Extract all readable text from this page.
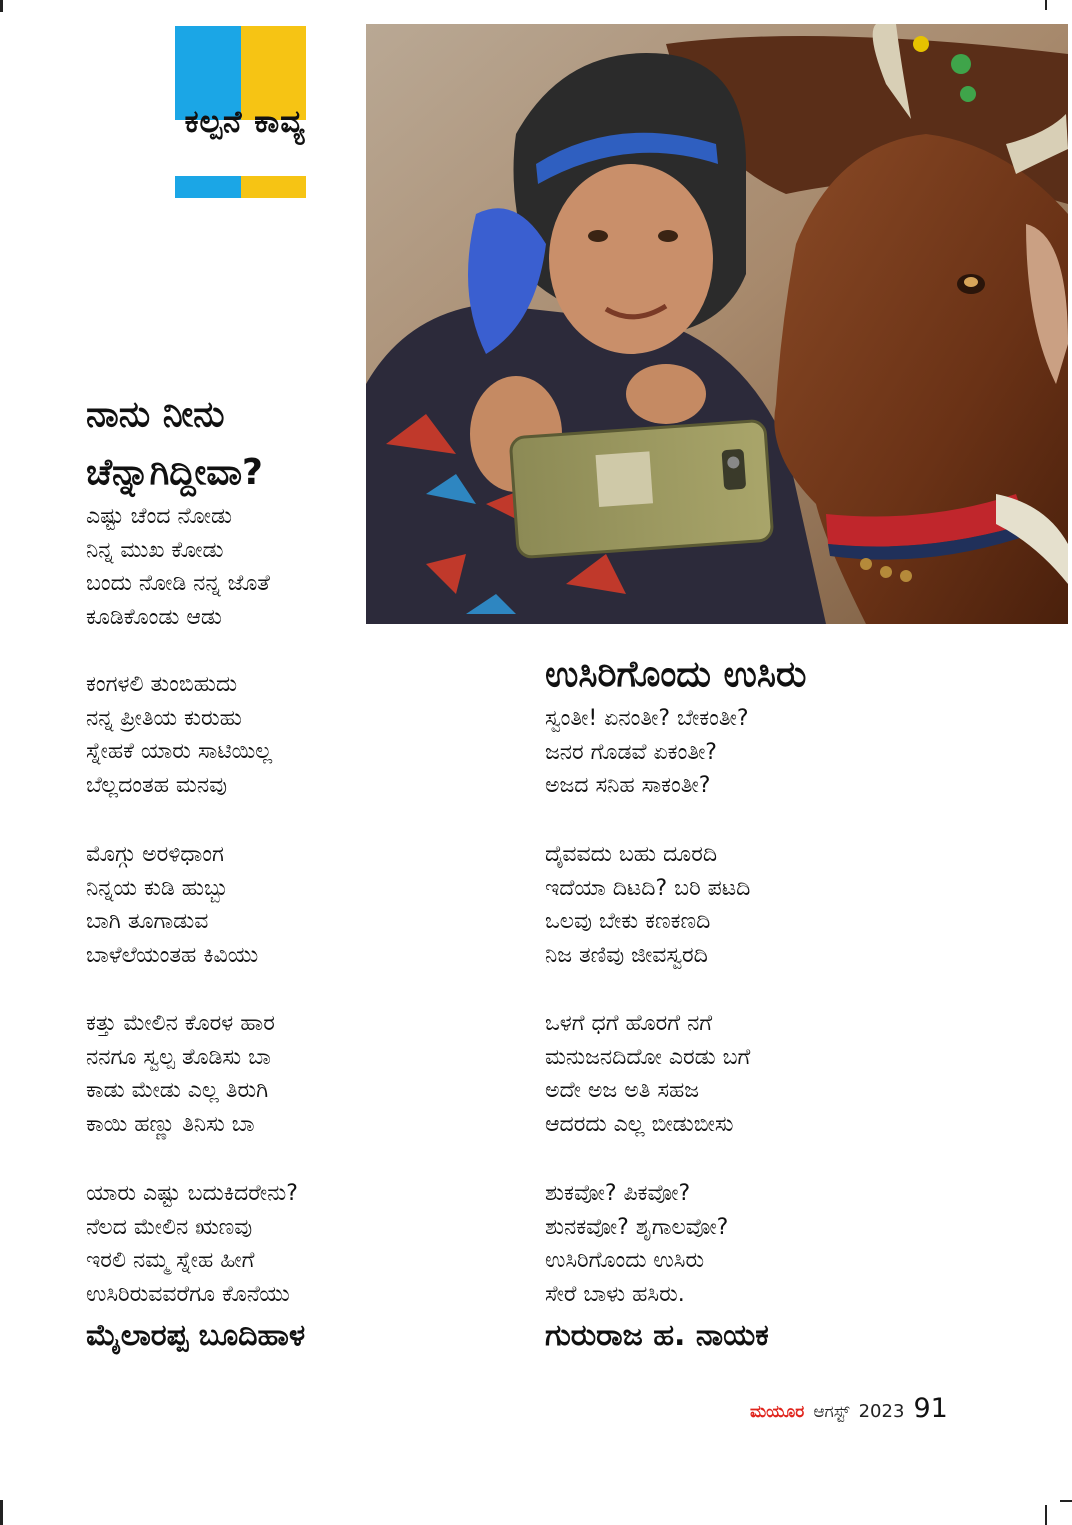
ಕಲ್ಪನೆ ಕಾವ್ಯ
ನಾನು ನೀನು
ಚೆನ್ನಾಗಿದ್ದೀವಾ?
ಎಷ್ಟು ಚೆಂದ ನೋಡು
ನಿನ್ನ ಮುಖ ಕೋಡು
ಬಂದು ನೋಡಿ ನನ್ನ ಜೊತೆ
ಕೂಡಿಕೊಂಡು ಆಡು
ಕಂಗಳಲಿ ತುಂಬಿಹುದು
ನನ್ನ ಪ್ರೀತಿಯ ಕುರುಹು
ಸ್ನೇಹಕೆ ಯಾರು ಸಾಟಿಯಿಲ್ಲ
ಬೆಲ್ಲದಂತಹ ಮನವು
ಮೊಗ್ಗು ಅರಳಿಧಾಂಗ
ನಿನ್ನಯ ಕುಡಿ ಹುಬ್ಬು
ಬಾಗಿ ತೂಗಾಡುವ
ಬಾಳೆಲೆಯಂತಹ ಕಿವಿಯು
ಕತ್ತು ಮೇಲಿನ ಕೊರಳ ಹಾರ
ನನಗೂ ಸ್ವಲ್ಪ ತೊಡಿಸು ಬಾ
ಕಾಡು ಮೇಡು ಎಲ್ಲ ತಿರುಗಿ
ಕಾಯಿ ಹಣ್ಣು ತಿನಿಸು ಬಾ
ಯಾರು ಎಷ್ಟು ಬದುಕಿದರೇನು?
ನೆಲದ ಮೇಲಿನ ಋಣವು
ಇರಲಿ ನಮ್ಮ ಸ್ನೇಹ ಹೀಗೆ
ಉಸಿರಿರುವವರೆಗೂ ಕೊನೆಯು
ಮೈಲಾರಪ್ಪ ಬೂದಿಹಾಳ
ಉಸಿರಿಗೊಂದು ಉಸಿರು
ಸ್ವಂತೀ! ಏನಂತೀ? ಬೇಕಂತೀ?
ಜನರ ಗೊಡವೆ ಏಕಂತೀ?
ಅಜದ ಸನಿಹ ಸಾಕಂತೀ?
ದೈವವದು ಬಹು ದೂರದಿ
ಇದೆಯಾ ದಿಟದಿ? ಬರಿ ಪಟದಿ
ಒಲವು ಬೇಕು ಕಣಕಣದಿ
ನಿಜ ತಣಿವು ಜೀವಸ್ವರದಿ
ಒಳಗೆ ಧಗೆ ಹೊರಗೆ ನಗೆ
ಮನುಜನದಿದೋ ಎರಡು ಬಗೆ
ಅದೇ ಅಜ ಅತಿ ಸಹಜ
ಆದರದು ಎಲ್ಲ ಬೀಡುಬೀಸು
ಶುಕವೋ? ಪಿಕವೋ?
ಶುನಕವೋ? ಶೃಗಾಲವೋ?
ಉಸಿರಿಗೊಂದು ಉಸಿರು
ಸೇರೆ ಬಾಳು ಹಸಿರು.
ಗುರುರಾಜ ಹ. ನಾಯಕ
ಮಯೂರ ಆಗಸ್ಟ್ 2023 91
